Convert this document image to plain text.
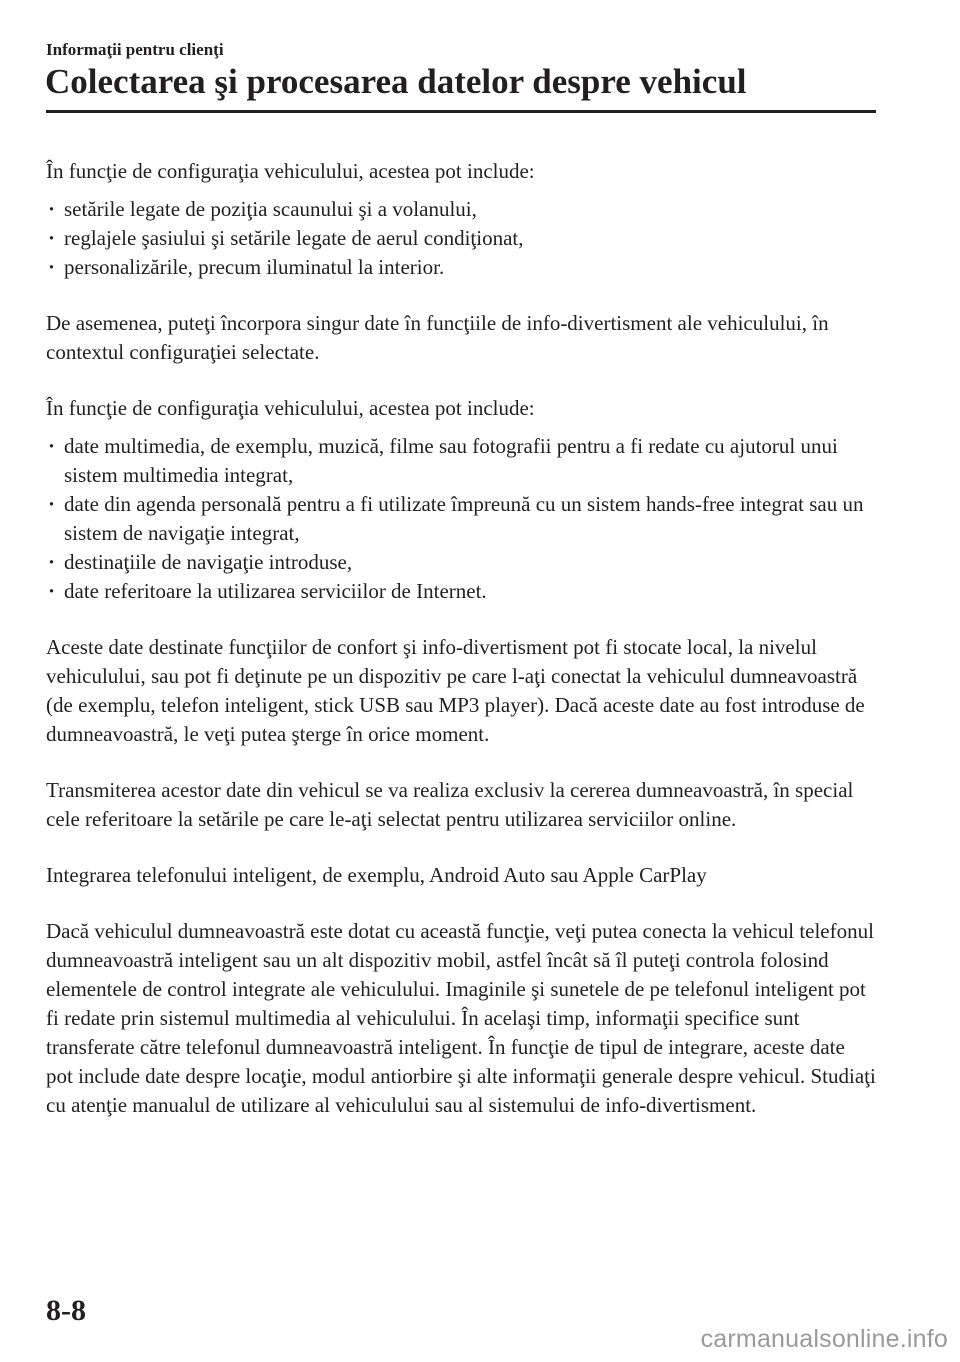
Informaţii pentru clienţi
Colectarea şi procesarea datelor despre vehicul

În funcţie de configuraţia vehiculului, acestea pot include:

· setările legate de poziţia scaunului şi a volanului,
· reglajele şasiului şi setările legate de aerul condiţionat,
· personalizările, precum iluminatul la interior.

De asemenea, puteţi încorpora singur date în funcţiile de info-divertisment ale vehiculului, în contextul configuraţiei selectate.

În funcţie de configuraţia vehiculului, acestea pot include:

· date multimedia, de exemplu, muzică, filme sau fotografii pentru a fi redate cu ajutorul unui sistem multimedia integrat,
· date din agenda personală pentru a fi utilizate împreună cu un sistem hands-free integrat sau un sistem de navigaţie integrat,
· destinaţiile de navigaţie introduse,
· date referitoare la utilizarea serviciilor de Internet.

Aceste date destinate funcţiilor de confort şi info-divertisment pot fi stocate local, la nivelul vehiculului, sau pot fi deţinute pe un dispozitiv pe care l-aţi conectat la vehiculul dumneavoastră (de exemplu, telefon inteligent, stick USB sau MP3 player). Dacă aceste date au fost introduse de dumneavoastră, le veţi putea şterge în orice moment.

Transmiterea acestor date din vehicul se va realiza exclusiv la cererea dumneavoastră, în special cele referitoare la setările pe care le-aţi selectat pentru utilizarea serviciilor online.

Integrarea telefonului inteligent, de exemplu, Android Auto sau Apple CarPlay

Dacă vehiculul dumneavoastră este dotat cu această funcţie, veţi putea conecta la vehicul telefonul dumneavoastră inteligent sau un alt dispozitiv mobil, astfel încât să îl puteţi controla folosind elementele de control integrate ale vehiculului. Imaginile şi sunetele de pe telefonul inteligent pot fi redate prin sistemul multimedia al vehiculului. În acelaşi timp, informaţii specifice sunt transferate către telefonul dumneavoastră inteligent. În funcţie de tipul de integrare, aceste date pot include date despre locaţie, modul antiorbire şi alte informaţii generale despre vehicul. Studiaţi cu atenţie manualul de utilizare al vehiculului sau al sistemului de info-divertisment.

8-8
carmanualsonline.info
